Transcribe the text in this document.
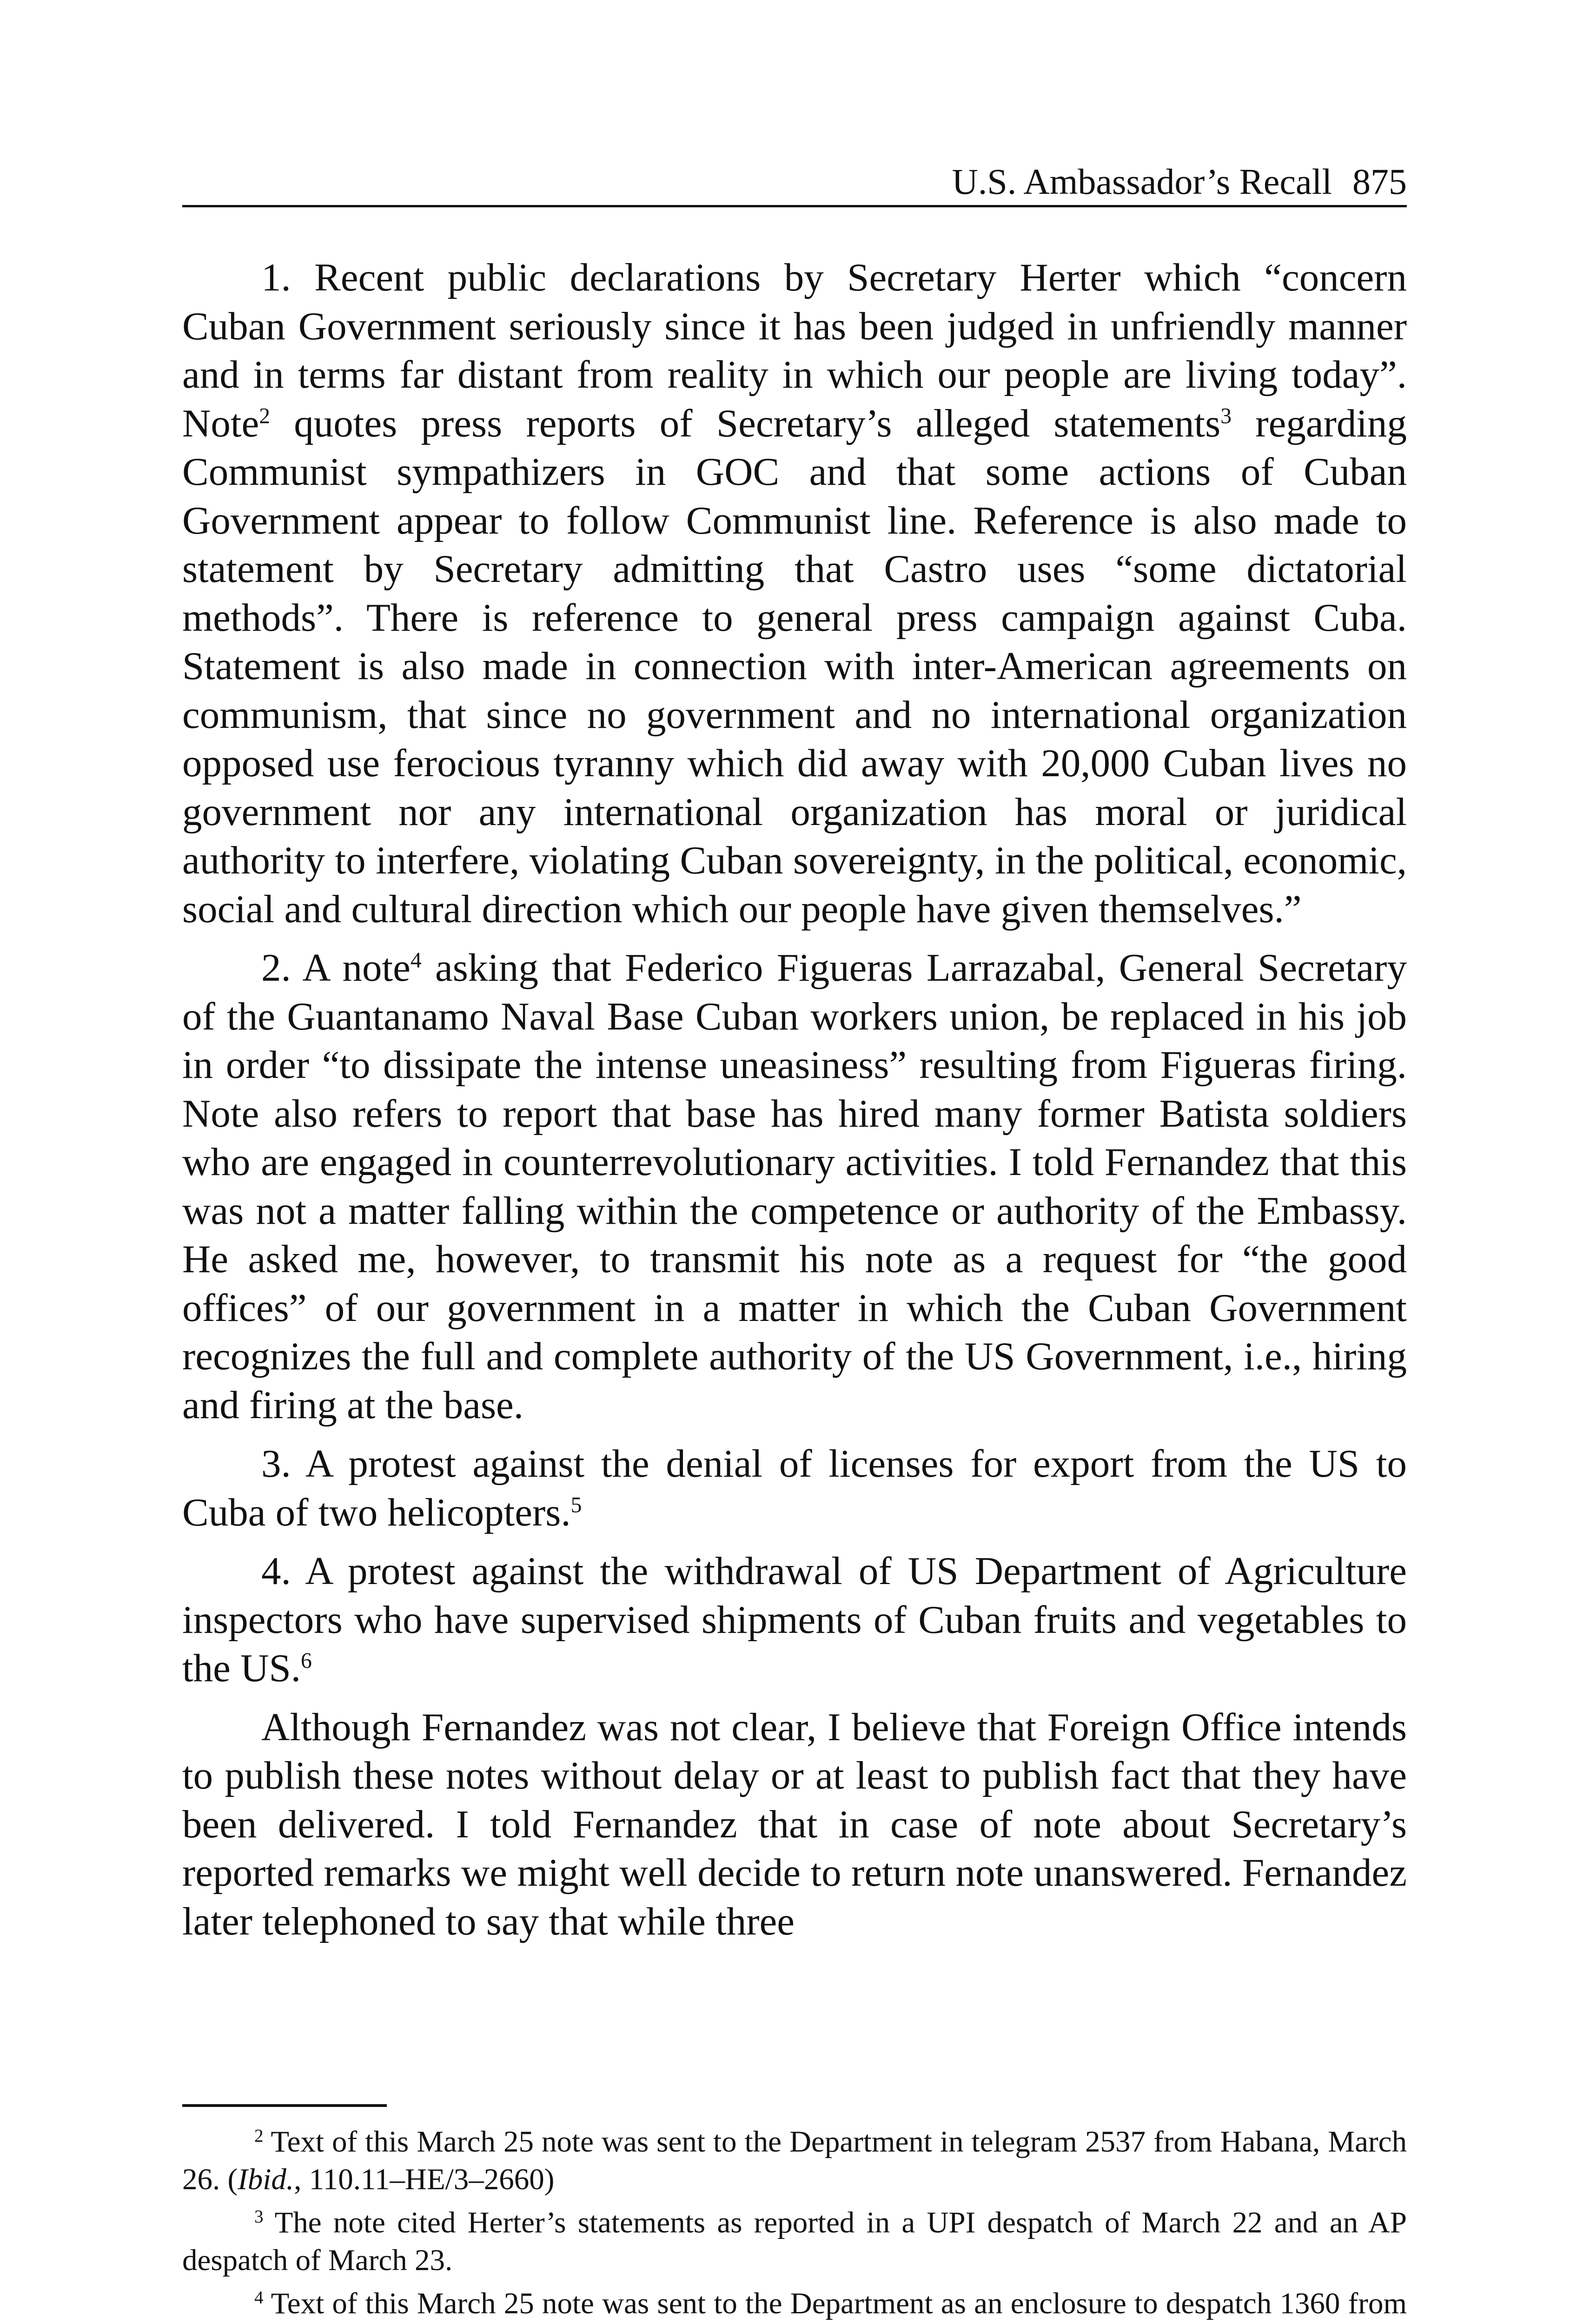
U.S. Ambassador’s Recall 875

1. Recent public declarations by Secretary Herter which “concern Cuban Government seriously since it has been judged in unfriendly manner and in terms far distant from reality in which our people are living today”. Note$^2$ quotes press reports of Secretary’s alleged statements$^3$ regarding Communist sympathizers in GOC and that some actions of Cuban Government appear to follow Communist line. Reference is also made to statement by Secretary admitting that Castro uses “some dictatorial methods”. There is reference to general press campaign against Cuba. Statement is also made in connection with inter-American agreements on communism, that since no government and no international organization opposed use ferocious tyranny which did away with 20,000 Cuban lives no government nor any international organization has moral or juridical authority to interfere, violating Cuban sovereignty, in the political, economic, social and cultural direction which our people have given themselves.”

2. A note$^4$ asking that Federico Figueras Larrazabal, General Secretary of the Guantanamo Naval Base Cuban workers union, be replaced in his job in order “to dissipate the intense uneasiness” resulting from Figueras firing. Note also refers to report that base has hired many former Batista soldiers who are engaged in counterrevolutionary activities. I told Fernandez that this was not a matter falling within the competence or authority of the Embassy. He asked me, however, to transmit his note as a request for “the good offices” of our government in a matter in which the Cuban Government recognizes the full and complete authority of the US Government, i.e., hiring and firing at the base.

3. A protest against the denial of licenses for export from the US to Cuba of two helicopters.$^5$

4. A protest against the withdrawal of US Department of Agriculture inspectors who have supervised shipments of Cuban fruits and vegetables to the US.$^6$

Although Fernandez was not clear, I believe that Foreign Office intends to publish these notes without delay or at least to publish fact that they have been delivered. I told Fernandez that in case of note about Secretary’s reported remarks we might well decide to return note unanswered. Fernandez later telephoned to say that while three

$^2$ Text of this March 25 note was sent to the Department in telegram 2537 from Habana, March 26. (Ibid., 110.11–HE/3–2660)

$^3$ The note cited Herter’s statements as reported in a UPI despatch of March 22 and an AP despatch of March 23.

$^4$ Text of this March 25 note was sent to the Department as an enclosure to despatch 1360 from
